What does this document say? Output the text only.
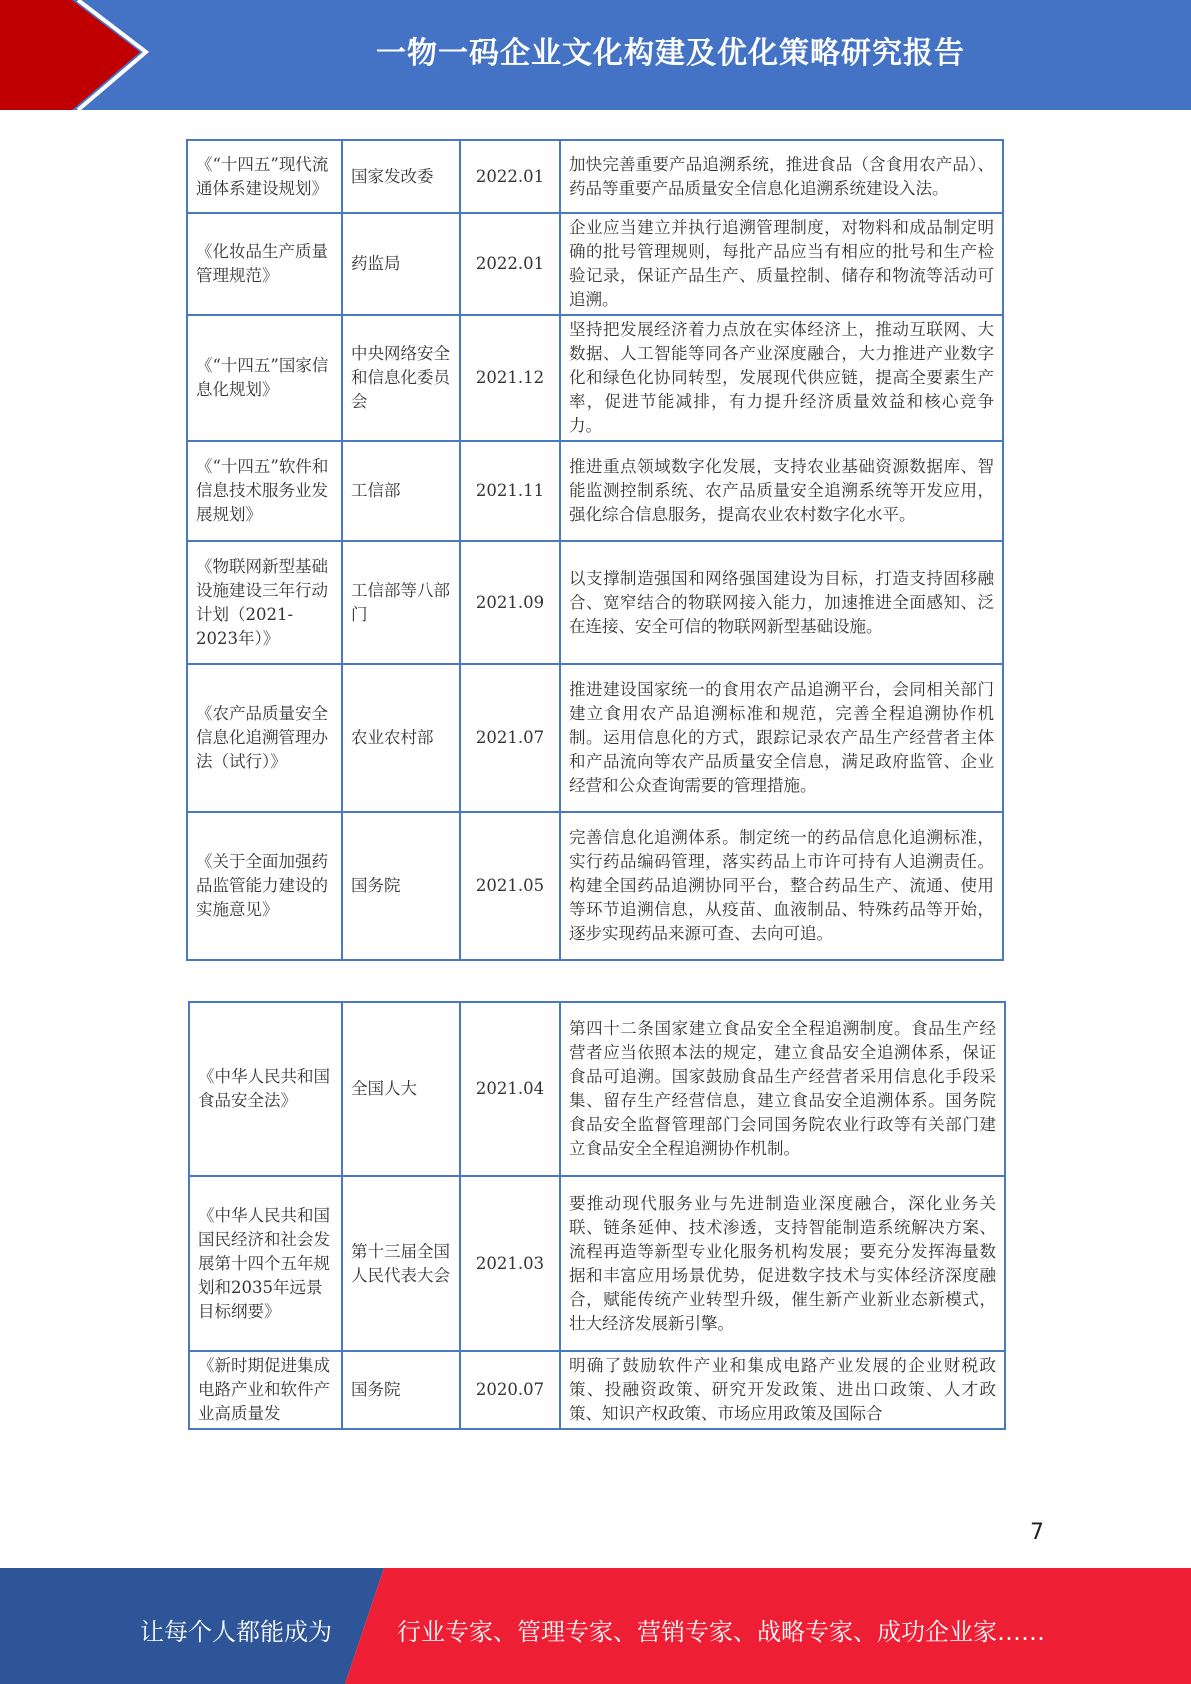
一物一码企业文化构建及优化策略研究报告
《“十四五”现代流通体系建设规划》	国家发改委	2022.01	加快完善重要产品追溯系统，推进食品（含食用农产品）、药品等重要产品质量安全信息化追溯系统建设入法。
《化妆品生产质量管理规范》	药监局	2022.01	企业应当建立并执行追溯管理制度，对物料和成品制定明确的批号管理规则，每批产品应当有相应的批号和生产检验记录，保证产品生产、质量控制、储存和物流等活动可追溯。
《“十四五”国家信息化规划》	中央网络安全和信息化委员会	2021.12	坚持把发展经济着力点放在实体经济上，推动互联网、大数据、人工智能等同各产业深度融合，大力推进产业数字化和绿色化协同转型，发展现代供应链，提高全要素生产率，促进节能减排，有力提升经济质量效益和核心竞争力。
《“十四五”软件和信息技术服务业发展规划》	工信部	2021.11	推进重点领域数字化发展，支持农业基础资源数据库、智能监测控制系统、农产品质量安全追溯系统等开发应用，强化综合信息服务，提高农业农村数字化水平。
《物联网新型基础设施建设三年行动计划（2021-2023年）》	工信部等八部门	2021.09	以支撑制造强国和网络强国建设为目标，打造支持固移融合、宽窄结合的物联网接入能力，加速推进全面感知、泛在连接、安全可信的物联网新型基础设施。
《农产品质量安全信息化追溯管理办法（试行）》	农业农村部	2021.07	推进建设国家统一的食用农产品追溯平台，会同相关部门建立食用农产品追溯标准和规范，完善全程追溯协作机制。运用信息化的方式，跟踪记录农产品生产经营者主体和产品流向等农产品质量安全信息，满足政府监管、企业经营和公众查询需要的管理措施。
《关于全面加强药品监管能力建设的实施意见》	国务院	2021.05	完善信息化追溯体系。制定统一的药品信息化追溯标准，实行药品编码管理，落实药品上市许可持有人追溯责任。构建全国药品追溯协同平台，整合药品生产、流通、使用等环节追溯信息，从疫苗、血液制品、特殊药品等开始，逐步实现药品来源可查、去向可追。
《中华人民共和国食品安全法》	全国人大	2021.04	第四十二条国家建立食品安全全程追溯制度。食品生产经营者应当依照本法的规定，建立食品安全追溯体系，保证食品可追溯。国家鼓励食品生产经营者采用信息化手段采集、留存生产经营信息，建立食品安全追溯体系。国务院食品安全监督管理部门会同国务院农业行政等有关部门建立食品安全全程追溯协作机制。
《中华人民共和国国民经济和社会发展第十四个五年规划和2035年远景目标纲要》	第十三届全国人民代表大会	2021.03	要推动现代服务业与先进制造业深度融合，深化业务关联、链条延伸、技术渗透，支持智能制造系统解决方案、流程再造等新型专业化服务机构发展；要充分发挥海量数据和丰富应用场景优势，促进数字技术与实体经济深度融合，赋能传统产业转型升级，催生新产业新业态新模式，壮大经济发展新引擎。
《新时期促进集成电路产业和软件产业高质量发	国务院	2020.07	明确了鼓励软件产业和集成电路产业发展的企业财税政策、投融资政策、研究开发政策、进出口政策、人才政策、知识产权政策、市场应用政策及国际合
7
让每个人都能成为	行业专家、管理专家、营销专家、战略专家、成功企业家……
